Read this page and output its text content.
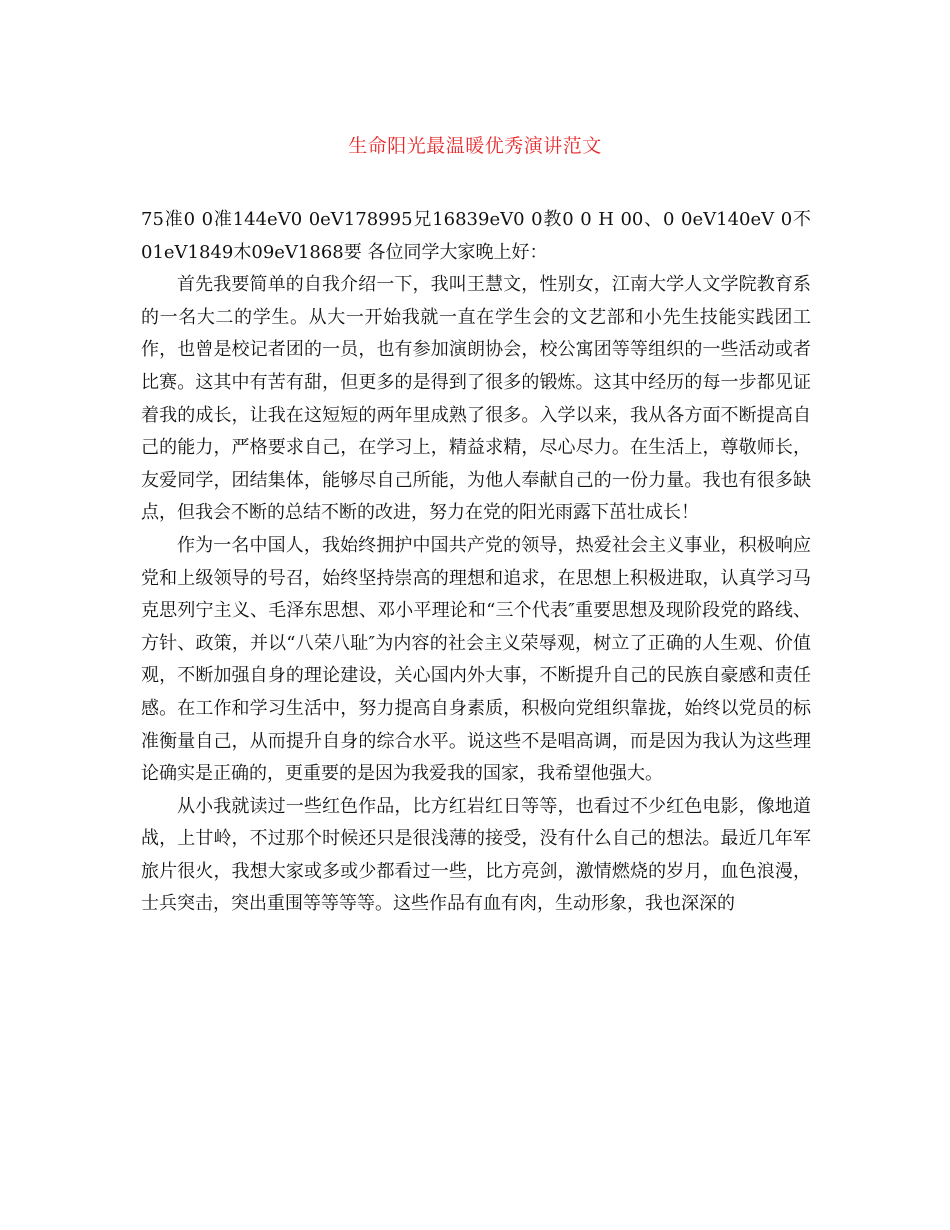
生命阳光最温暖优秀演讲范文

75准0 0准144eV0 0eV178995兄16839eV0 0教0 0 H 00、0 0eV140eV 0不01eV1849木09eV1868要 各位同学大家晚上好：

首先我要简单的自我介绍一下，我叫王慧文，性别女，江南大学人文学院教育系的一名大二的学生。从大一开始我就一直在学生会的文艺部和小先生技能实践团工作，也曾是校记者团的一员，也有参加演朗协会，校公寓团等等组织的一些活动或者比赛。这其中有苦有甜，但更多的是得到了很多的锻炼。这其中经历的每一步都见证着我的成长，让我在这短短的两年里成熟了很多。入学以来，我从各方面不断提高自己的能力，严格要求自己，在学习上，精益求精，尽心尽力。在生活上，尊敬师长，友爱同学，团结集体，能够尽自己所能，为他人奉献自己的一份力量。我也有很多缺点，但我会不断的总结不断的改进，努力在党的阳光雨露下茁壮成长！

作为一名中国人，我始终拥护中国共产党的领导，热爱社会主义事业，积极响应党和上级领导的号召，始终坚持崇高的理想和追求，在思想上积极进取，认真学习马克思列宁主义、毛泽东思想、邓小平理论和“三个代表″重要思想及现阶段党的路线、方针、政策，并以“八荣八耻″为内容的社会主义荣辱观，树立了正确的人生观、价值观，不断加强自身的理论建设，关心国内外大事，不断提升自己的民族自豪感和责任感。在工作和学习生活中，努力提高自身素质，积极向党组织靠拢，始终以党员的标准衡量自己，从而提升自身的综合水平。说这些不是唱高调，而是因为我认为这些理论确实是正确的，更重要的是因为我爱我的国家，我希望他强大。

从小我就读过一些红色作品，比方红岩红日等等，也看过不少红色电影，像地道战，上甘岭，不过那个时候还只是很浅薄的接受，没有什么自己的想法。最近几年军旅片很火，我想大家或多或少都看过一些，比方亮剑，激情燃烧的岁月，血色浪漫，士兵突击，突出重围等等等等。这些作品有血有肉，生动形象，我也深深的
